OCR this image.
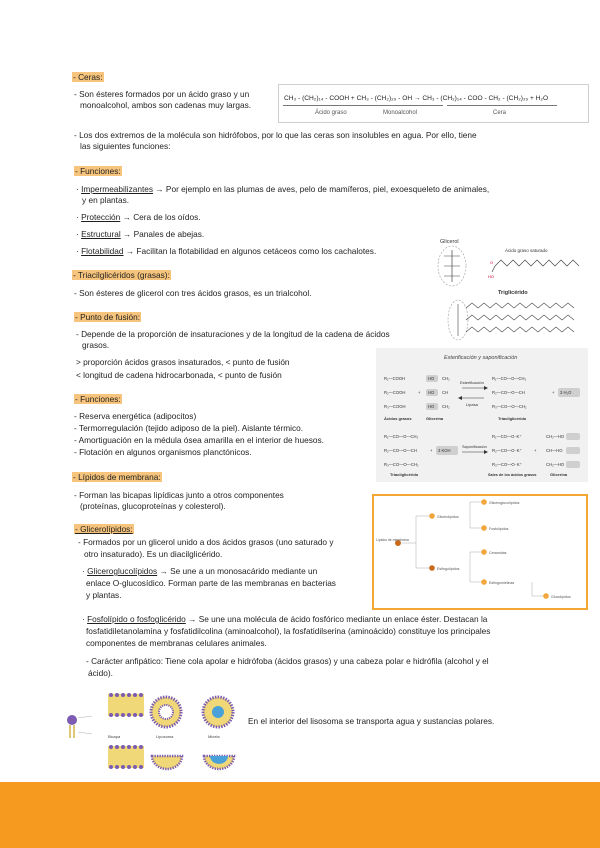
- Ceras:
- Son ésteres formados por un ácido graso y un
monoalcohol, ambos son cadenas muy largas.
CH₃ - (CH₂)₁₄ - COOH + CH₃ - (CH₂)₂₉ - OH → CH₃ - (CH₂)₁₄ - COO - CH₂ - (CH₂)₂₉ + H₂O
Ácido graso	Monoalcohol	Cera
- Los dos extremos de la molécula son hidrófobos, por lo que las ceras son insolubles en agua. Por ello, tiene
las siguientes funciones:
- Funciones:
· Impermeabilizantes → Por ejemplo en las plumas de aves, pelo de mamíferos, piel, exoesqueleto de animales,
y en plantas.
· Protección → Cera de los oídos.
· Estructural → Panales de abejas.
· Flotabilidad → Facilitan la flotabilidad en algunos cetáceos como los cachalotes.
- Triacilglicéridos (grasas):
- Son ésteres de glicerol con tres ácidos grasos, es un trialcohol.
- Punto de fusión:
- Depende de la proporción de insaturaciones y de la longitud de la cadena de ácidos
grasos.
> proporción ácidos grasos insaturados, < punto de fusión
< longitud de cadena hidrocarbonada, < punto de fusión
- Funciones:
- Reserva energética (adipocitos)
- Termorregulación (tejido adiposo de la piel). Aislante térmico.
- Amortiguación en la médula ósea amarilla en el interior de huesos.
- Flotación en algunos organismos planctónicos.
Glicerol
Ácido graso saturado
O
HO
Triglicérido
Esterificación y saponificación
R₁—COOH
R₂—COOH
R₃—COOH
+
HO
HO
HO
CH₂
CH
CH₂
R₁—CO—O—CH₂
R₂—CO—O—CH
R₃—CO—O—CH₂
+ 3 H₂O
Esterificación
Lipasa
Ácidos grasos	Glicerina	Triacilglicérido
R₁—CO—O—CH₂
R₂—CO—O—CH
R₃—CO—O—CH₂
+ 3 KOH
R₁—CO—O⁻K⁺
R₂—CO—O⁻K⁺
R₃—CO—O⁻K⁺
+
CH₂—HO
CH—HO
CH₂—HO
Saponificación
Triacilglicérido	Sales de los ácidos grasos	Glicerina
- Lípidos de membrana:
- Forman las bicapas lipídicas junto a otros componentes
(proteínas, glucoproteínas y colesterol).
- Glicerolípidos:
- Formados por un glicerol unido a dos ácidos grasos (uno saturado y
otro insaturado). Es un diacilglicérido.
· Gliceroglucolípidos → Se une a un monosacárido mediante un
enlace O-glucosídico. Forman parte de las membranas en bacterias
y plantas.
· Fosfolípido o fosfoglicérido → Se une una molécula de ácido fosfórico mediante un enlace éster. Destacan la
fosfatidiletanolamina y fosfatidilcolina (aminoalcohol), la fosfatidilserina (aminoácido) constituye los principales
componentes de membranas celulares animales.
- Carácter anfipático: Tiene cola apolar e hidrófoba (ácidos grasos) y una cabeza polar e hidrófila (alcohol y el
ácido).
En el interior del lisosoma se transporta agua y sustancias polares.
Lípidos de membrana
Glicerolípidos
Esfingolípidos
Gliceroglucolípidos
Fosfolípidos
Ceramidas
Esfingomielinas
Glucolípidos
Bicapa	Liposoma	Micela
